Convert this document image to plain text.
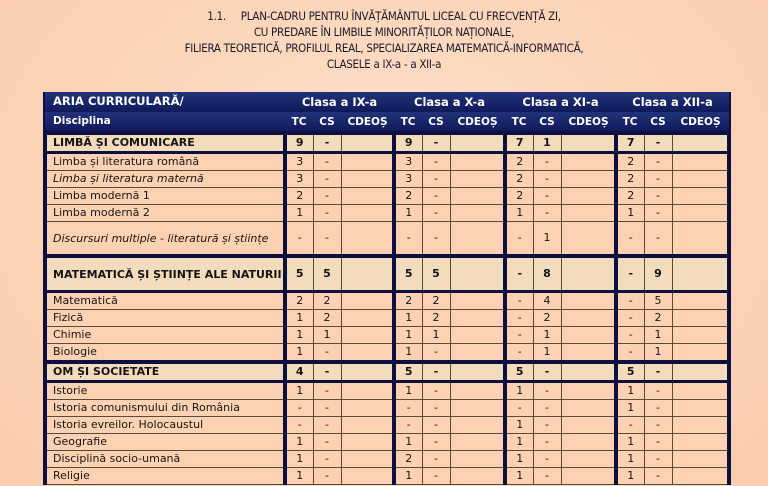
1.1.     PLAN-CADRU PENTRU ÎNVĂȚĂMÂNTUL LICEAL CU FRECVENȚĂ ZI,
CU PREDARE ÎN LIMBILE MINORITĂȚILOR NAȚIONALE,
FILIERA TEORETICĂ, PROFILUL REAL, SPECIALIZAREA MATEMATICĂ-INFORMATICĂ,
CLASELE a IX-a - a XII-a
ARIA CURRICULARĂ/	Clasa a IX-a			Clasa a X-a			Clasa a XI-a			Clasa a XII-a		
Disciplina	TC	CS	CDEOȘ	TC	CS	CDEOȘ	TC	CS	CDEOȘ	TC	CS	CDEOȘ
LIMBĂ ȘI COMUNICARE	9	-		9	-		7	1		7	-	
Limba și literatura română	3	-		3	-		2	-		2	-	
Limba și literatura maternă	3	-		3	-		2	-		2	-	
Limba modernă 1	2	-		2	-		2	-		2	-	
Limba modernă 2	1	-		1	-		1	-		1	-	
Discursuri multiple - literatură și științe	-	-		-	-		-	1		-	-	
MATEMATICĂ ȘI ȘTIINȚE ALE NATURII	5	5		5	5		-	8		-	9	
Matematică	2	2		2	2		-	4		-	5	
Fizică	1	2		1	2		-	2		-	2	
Chimie	1	1		1	1		-	1		-	1	
Biologie	1	-		1	-		-	1		-	1	
OM ȘI SOCIETATE	4	-		5	-		5	-		5	-	
Istorie	1	-		1	-		1	-		1	-	
Istoria comunismului din România	-	-		-	-		-	-		1	-	
Istoria evreilor. Holocaustul	-	-		-	-		1	-		-	-	
Geografie	1	-		1	-		1	-		1	-	
Disciplină socio-umană	1	-		2	-		1	-		1	-	
Religie	1	-		1	-		1	-		1	-	
